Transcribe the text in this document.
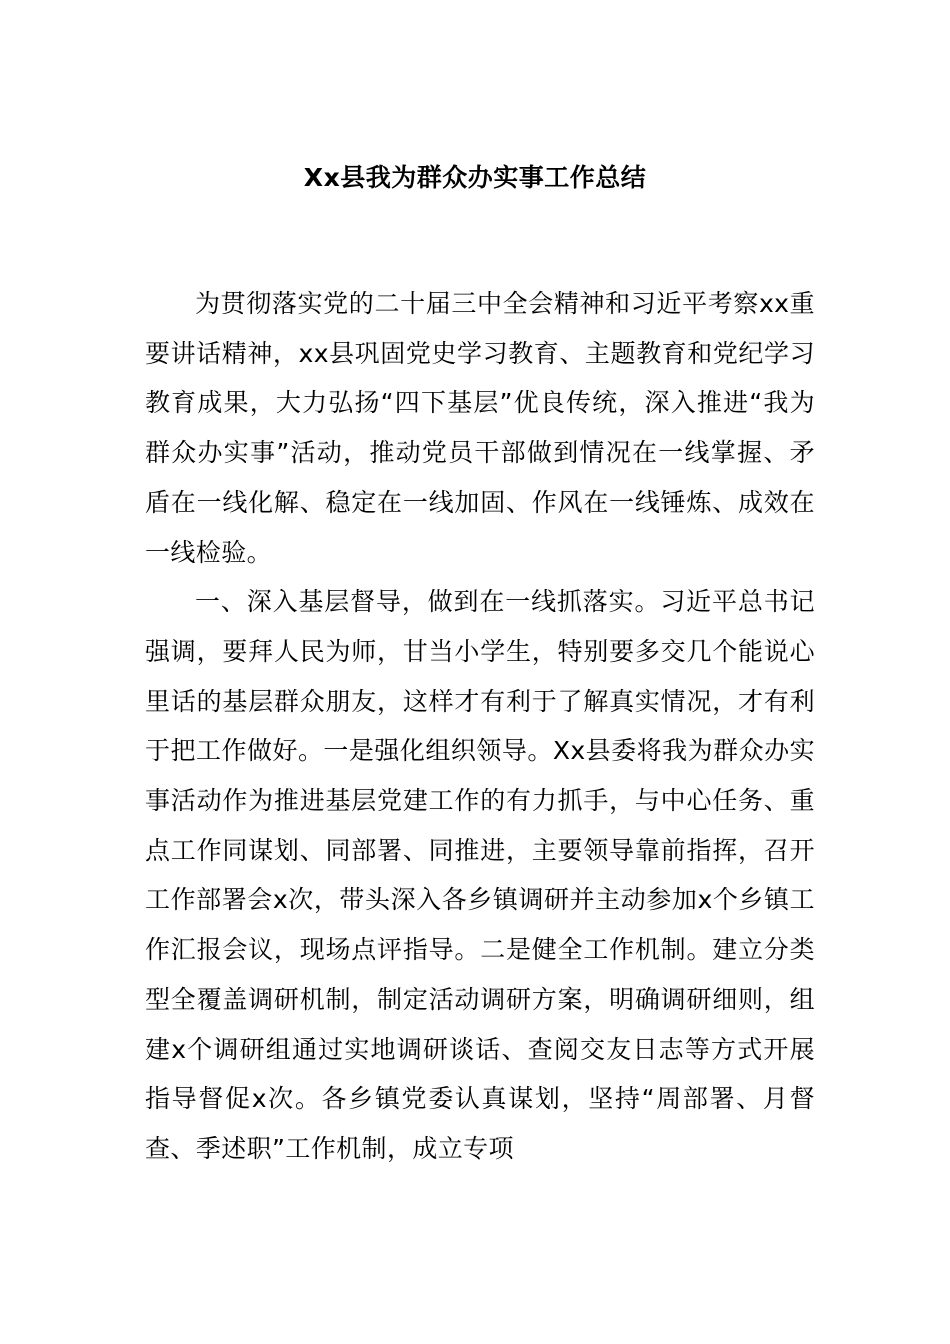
Xx县我为群众办实事工作总结

为贯彻落实党的二十届三中全会精神和习近平考察xx重要讲话精神，xx县巩固党史学习教育、主题教育和党纪学习教育成果，大力弘扬“四下基层”优良传统，深入推进“我为群众办实事”活动，推动党员干部做到情况在一线掌握、矛盾在一线化解、稳定在一线加固、作风在一线锤炼、成效在一线检验。

一、深入基层督导，做到在一线抓落实。习近平总书记强调，要拜人民为师，甘当小学生，特别要多交几个能说心里话的基层群众朋友，这样才有利于了解真实情况，才有利于把工作做好。一是强化组织领导。Xx县委将我为群众办实事活动作为推进基层党建工作的有力抓手，与中心任务、重点工作同谋划、同部署、同推进，主要领导靠前指挥，召开工作部署会x次，带头深入各乡镇调研并主动参加x个乡镇工作汇报会议，现场点评指导。二是健全工作机制。建立分类型全覆盖调研机制，制定活动调研方案，明确调研细则，组建x个调研组通过实地调研谈话、查阅交友日志等方式开展指导督促x次。各乡镇党委认真谋划，坚持“周部署、月督查、季述职”工作机制，成立专项
